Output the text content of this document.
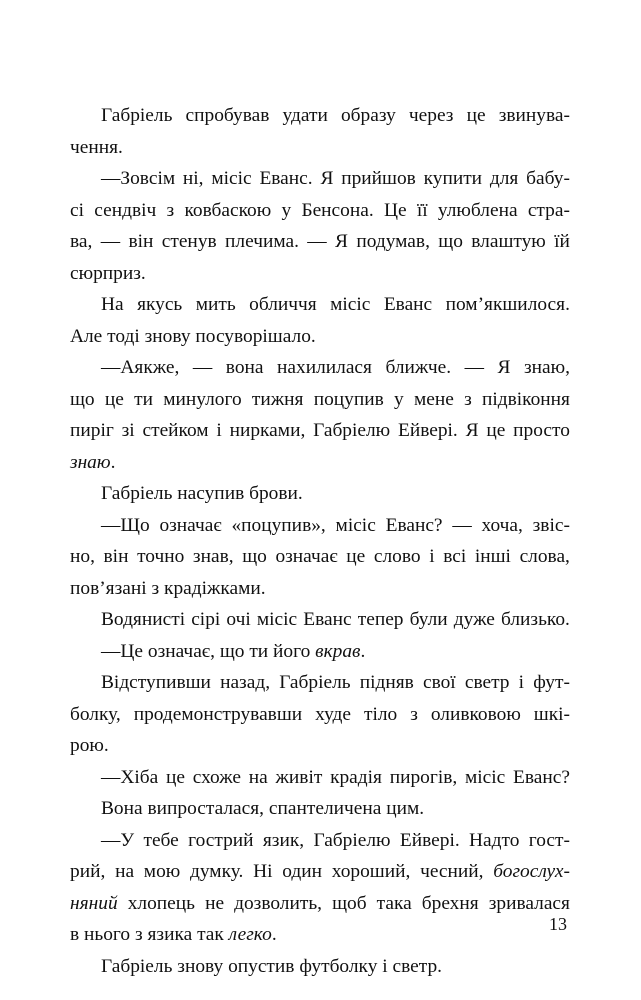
Габріель спробував удати образу через це звинува-
чення.
—Зовсім ні, місіс Еванс. Я прийшов купити для бабу-
сі сендвіч з ковбаскою у Бенсона. Це її улюблена стра-
ва, — він стенув плечима. — Я подумав, що влаштую їй
сюрприз.
На якусь мить обличчя місіс Еванс пом’якшилося.
Але тоді знову посуворішало.
—Аякже, — вона нахилилася ближче. — Я знаю,
що це ти минулого тижня поцупив у мене з підвіконня
пиріг зі стейком і нирками, Габріелю Ейвері. Я це просто
знаю.
Габріель насупив брови.
—Що означає «поцупив», місіс Еванс? — хоча, звіс-
но, він точно знав, що означає це слово і всі інші слова,
пов’язані з крадіжками.
Водянисті сірі очі місіс Еванс тепер були дуже близько.
—Це означає, що ти його вкрав.
Відступивши назад, Габріель підняв свої светр і фут-
болку, продемонструвавши худе тіло з оливковою шкі-
рою.
—Хіба це схоже на живіт крадія пирогів, місіс Еванс?
Вона випросталася, спантеличена цим.
—У тебе гострий язик, Габріелю Ейвері. Надто гост-
рий, на мою думку. Ні один хороший, чесний, богослух-
няний хлопець не дозволить, щоб така брехня зривалася
в нього з язика так легко.
Габріель знову опустив футболку і светр.
13
